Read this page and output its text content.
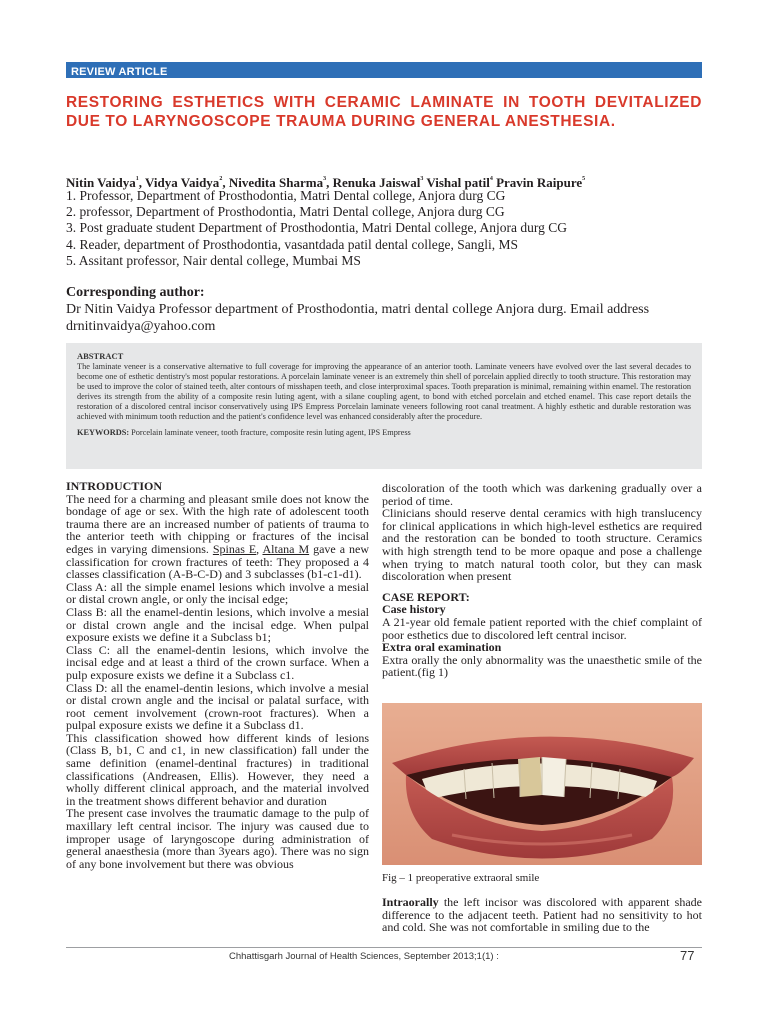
REVIEW ARTICLE
RESTORING ESTHETICS WITH CERAMIC LAMINATE IN TOOTH DEVITALIZED DUE TO LARYNGOSCOPE TRAUMA DURING GENERAL ANESTHESIA.
Nitin Vaidya$^1$, Vidya Vaidya$^2$, Nivedita Sharma$^3$, Renuka Jaiswal$^3$ Vishal patil$^4$ Pravin Raipure$^5$
1. Professor, Department of Prosthodontia, Matri Dental college, Anjora durg CG
2. professor, Department of Prosthodontia, Matri Dental college, Anjora durg CG
3. Post graduate student Department of Prosthodontia, Matri Dental college, Anjora durg CG
4. Reader, department of Prosthodontia, vasantdada patil dental college, Sangli, MS
5. Assitant professor, Nair dental college, Mumbai MS
Corresponding author:
Dr Nitin Vaidya Professor department of Prosthodontia, matri dental college Anjora durg. Email address drnitinvaidya@yahoo.com
ABSTRACT
The laminate veneer is a conservative alternative to full coverage for improving the appearance of an anterior tooth. Laminate veneers have evolved over the last several decades to become one of esthetic dentistry's most popular restorations. A porcelain laminate veneer is an extremely thin shell of porcelain applied directly to tooth structure. This restoration may be used to improve the color of stained teeth, alter contours of misshapen teeth, and close interproximal spaces. Tooth preparation is minimal, remaining within enamel. The restoration derives its strength from the ability of a composite resin luting agent, with a silane coupling agent, to bond with etched porcelain and etched enamel. This case report details the restoration of a discolored central incisor conservatively using IPS Empress Porcelain laminate veneers following root canal treatment. A highly esthetic and durable restoration was achieved with minimum tooth reduction and the patient's confidence level was enhanced considerably after the procedure.
KEYWORDS: Porcelain laminate veneer, tooth fracture, composite resin luting agent, IPS Empress

INTRODUCTION

The need for a charming and pleasant smile does not know the bondage of age or sex. With the high rate of adolescent tooth trauma there are an increased number of patients of trauma to the anterior teeth with chipping or fractures of the incisal edges in varying dimensions. Spinas E, Altana M gave a new classification for crown fractures of teeth: They proposed a 4 classes classification (A-B-C-D) and 3 subclasses (b1-c1-d1).

Class A: all the simple enamel lesions which involve a mesial or distal crown angle, or only the incisal edge;

Class B: all the enamel-dentin lesions, which involve a mesial or distal crown angle and the incisal edge. When pulpal exposure exists we define it a Subclass b1;

Class C: all the enamel-dentin lesions, which involve the incisal edge and at least a third of the crown surface. When a pulp exposure exists we define it a Subclass c1.

Class D: all the enamel-dentin lesions, which involve a mesial or distal crown angle and the incisal or palatal surface, with root cement involvement (crown-root fractures). When a pulpal exposure exists we define it a Subclass d1.

This classification showed how different kinds of lesions (Class B, b1, C and c1, in new classification) fall under the same definition (enamel-dentinal fractures) in traditional classifications (Andreasen, Ellis). However, they need a wholly different clinical approach, and the material involved in the treatment shows different behavior and duration

The present case involves the traumatic damage to the pulp of maxillary left central incisor. The injury was caused due to improper usage of laryngoscope during administration of general anaesthesia (more than 3years ago). There was no sign of any bone involvement but there was obvious

discoloration of the tooth which was darkening gradually over a period of time.

Clinicians should reserve dental ceramics with high translucency for clinical applications in which high-level esthetics are required and the restoration can be bonded to tooth structure. Ceramics with high strength tend to be more opaque and pose a challenge when trying to match natural tooth color, but they can mask discoloration when present

CASE REPORT:

Case history

A 21-year old female patient reported with the chief complaint of poor esthetics due to discolored left central incisor.

Extra oral examination

Extra orally the only abnormality was the unaesthetic smile of the patient.(fig 1)

Fig – 1 preoperative extraoral smile
Intraorally the left incisor was discolored with apparent shade difference to the adjacent teeth. Patient had no sensitivity to hot and cold. She was not comfortable in smiling due to the
Chhattisgarh Journal of Health Sciences, September 2013;1(1) :	77
